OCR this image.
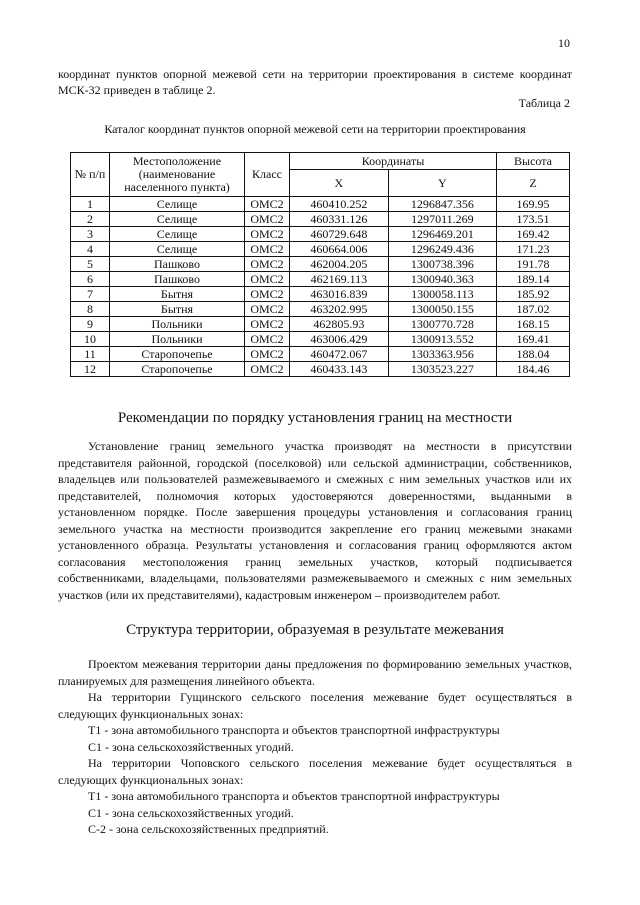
10

координат пунктов опорной межевой сети на территории проектирования в системе координат МСК-32 приведен в таблице 2.

Таблица 2
Каталог координат пунктов опорной межевой сети на территории проектирования
№ п/п	Местоположение (наименование населенного пункта)	Класс	Координаты		Высота
			X	Y	Z
1	Селище	ОМС2	460410.252	1296847.356	169.95
2	Селище	ОМС2	460331.126	1297011.269	173.51
3	Селище	ОМС2	460729.648	1296469.201	169.42
4	Селище	ОМС2	460664.006	1296249.436	171.23
5	Пашково	ОМС2	462004.205	1300738.396	191.78
6	Пашково	ОМС2	462169.113	1300940.363	189.14
7	Бытня	ОМС2	463016.839	1300058.113	185.92
8	Бытня	ОМС2	463202.995	1300050.155	187.02
9	Польники	ОМС2	462805.93	1300770.728	168.15
10	Польники	ОМС2	463006.429	1300913.552	169.41
11	Старопочепье	ОМС2	460472.067	1303363.956	188.04
12	Старопочепье	ОМС2	460433.143	1303523.227	184.46
Рекомендации по порядку установления границ на местности

Установление границ земельного участка производят на местности в присутствии представителя районной, городской (поселковой) или сельской администрации, собственников, владельцев или пользователей размежевываемого и смежных с ним земельных участков или их представителей, полномочия которых удостоверяются доверенностями, выданными в установленном порядке. После завершения процедуры установления и согласования границ земельного участка на местности производится закрепление его границ межевыми знаками установленного образца. Результаты установления и согласования границ оформляются актом согласования местоположения границ земельных участков, который подписывается собственниками, владельцами, пользователями размежевываемого и смежных с ним земельных участков (или их представителями), кадастровым инженером – производителем работ.

Структура территории, образуемая в результате межевания

Проектом межевания территории даны предложения по формированию земельных участков, планируемых для размещения линейного объекта.

На территории Гущинского сельского поселения межевание будет осуществляться в следующих функциональных зонах:

Т1 - зона автомобильного транспорта и объектов транспортной инфраструктуры

С1 - зона сельскохозяйственных угодий.

На территории Чоповского сельского поселения межевание будет осуществляться в следующих функциональных зонах:

Т1 - зона автомобильного транспорта и объектов транспортной инфраструктуры

С1 - зона сельскохозяйственных угодий.

С-2 - зона сельскохозяйственных предприятий.
